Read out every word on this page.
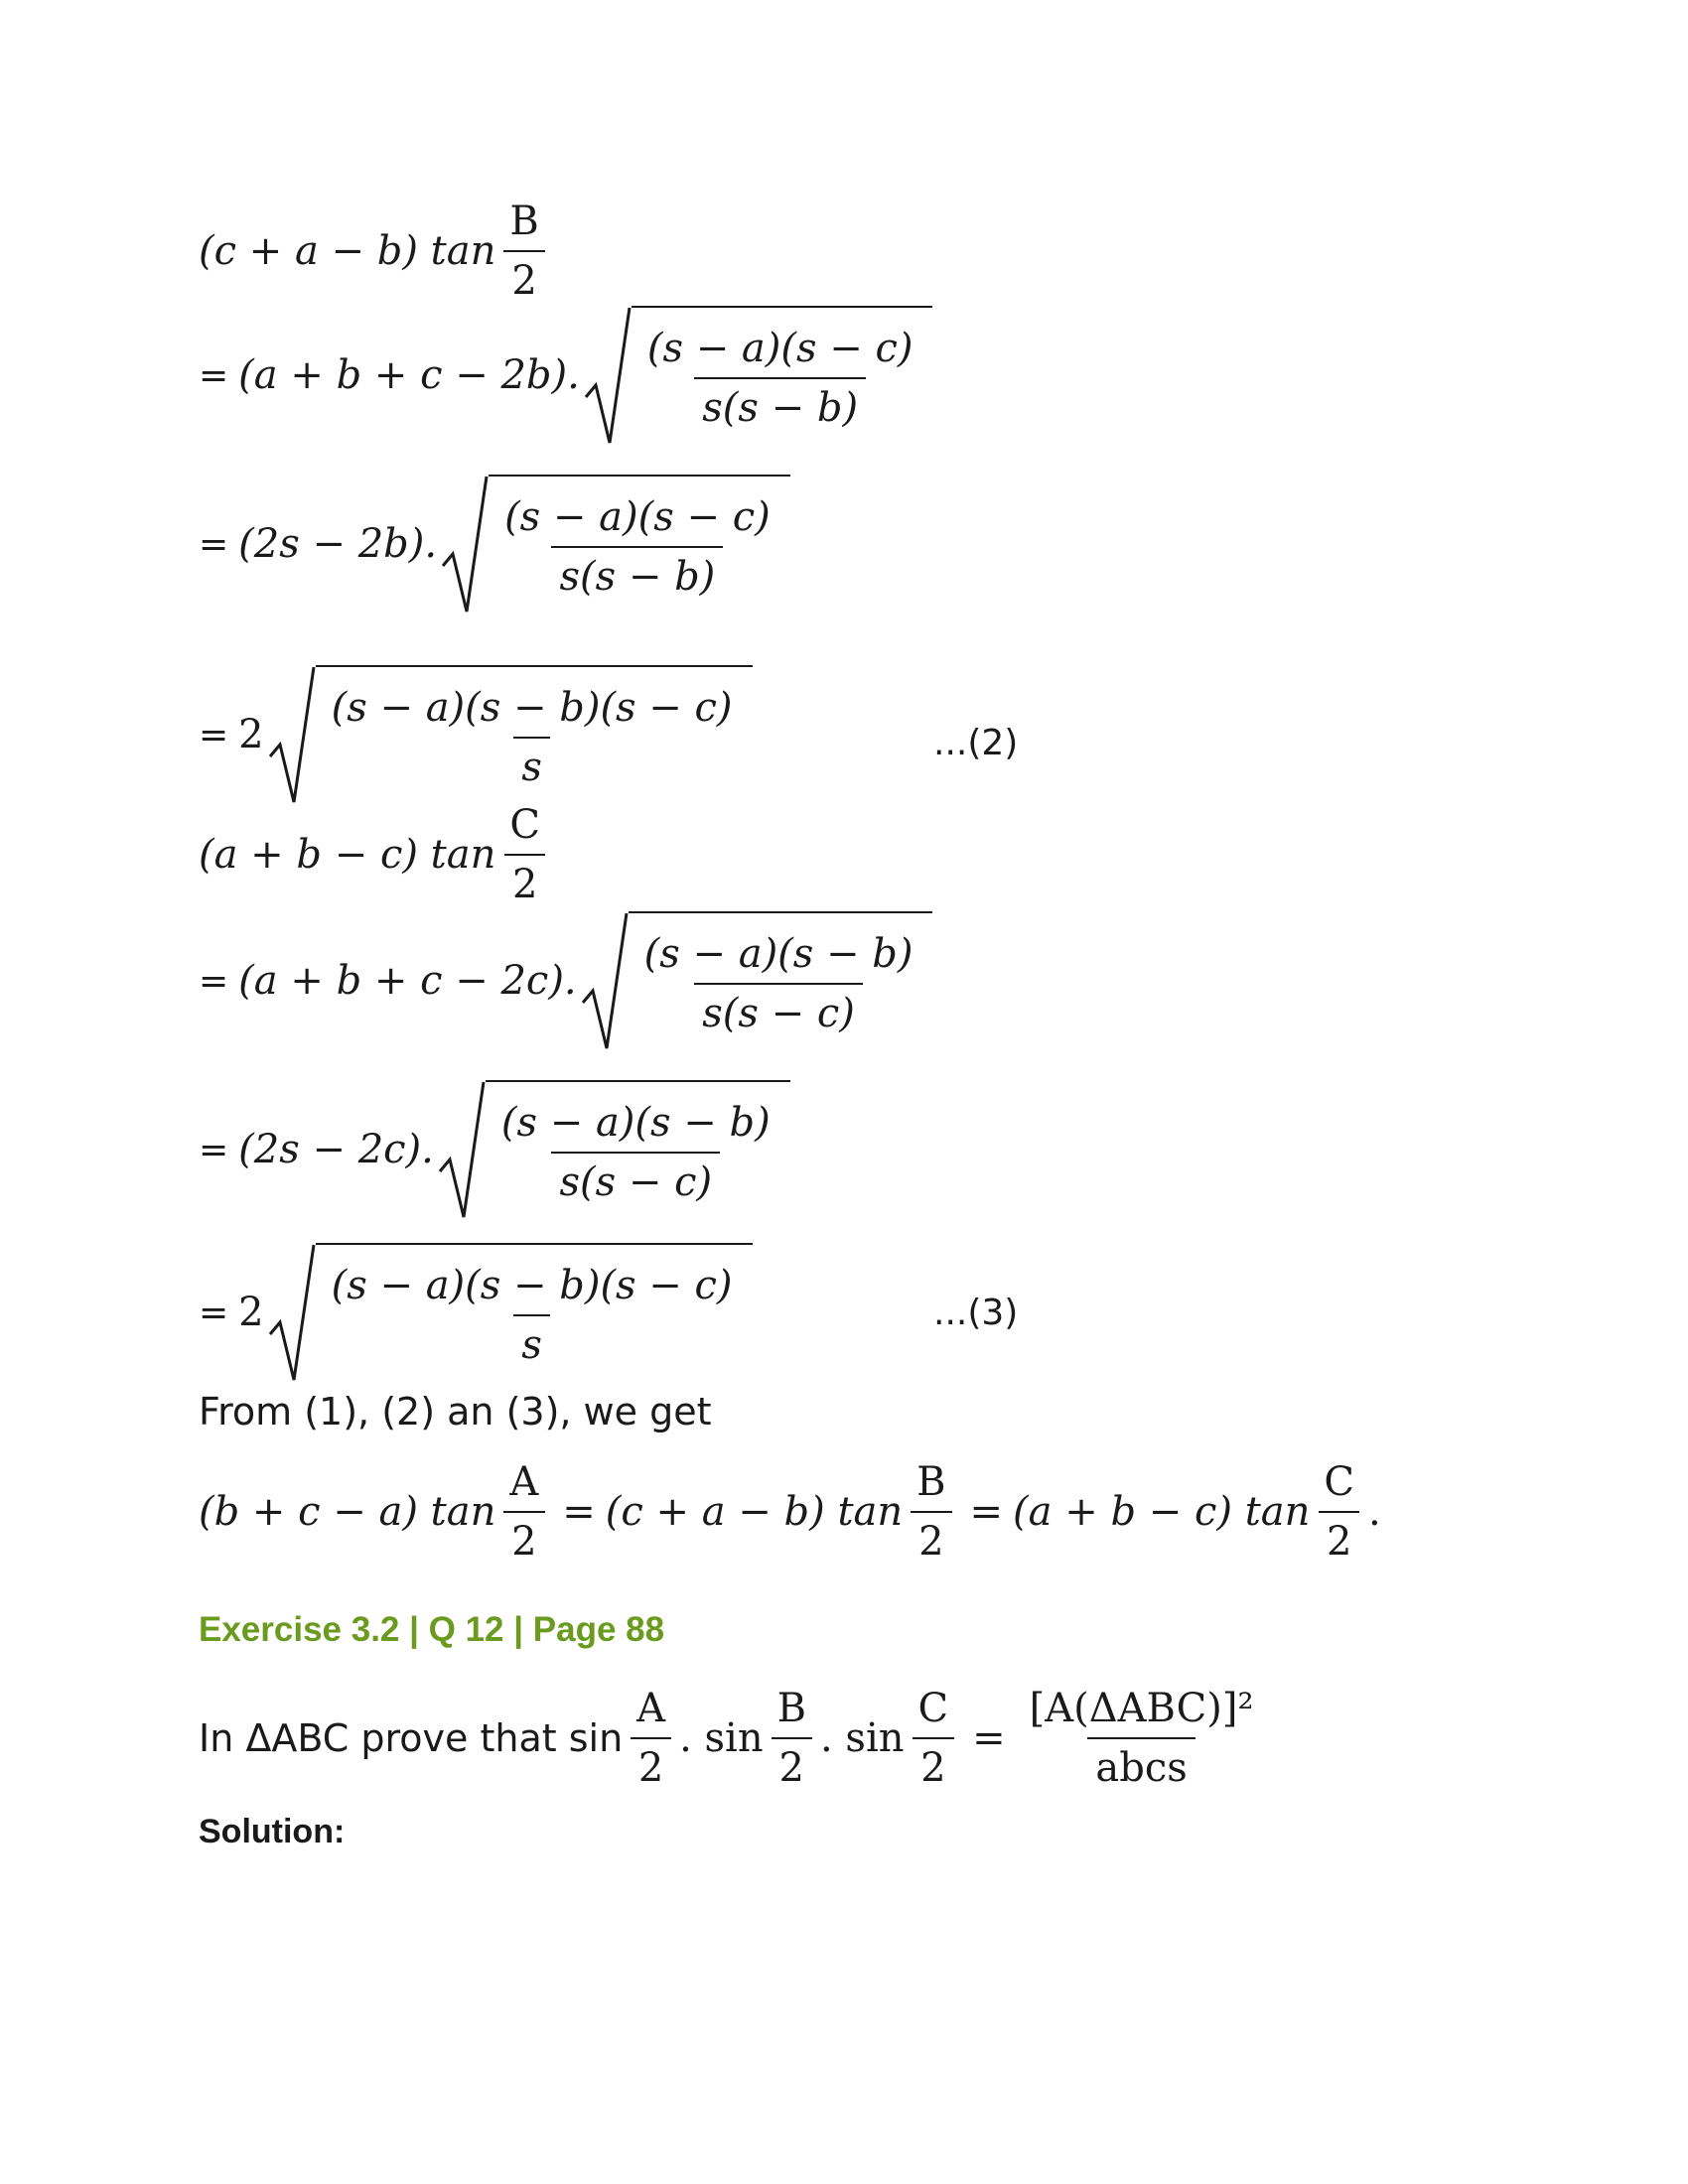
(c + a − b) $\tan \frac{B}{2}$
= (a + b + c − 2b). $\frac{(s - a)(s - c)}{s(s - b)}$
= (2s − 2b). $\frac{(s - a)(s - c)}{s(s - b)}$
= $2 \frac{(s - a)(s - b)(s - c)}{s}$	...(2)
(a + b − c) $\tan \frac{C}{2}$
= (a + b + c − 2c). $\frac{(s - a)(s - b)}{s(s - c)}$
= (2s − 2c). $\frac{(s - a)(s - b)}{s(s - c)}$
= $2 \frac{(s - a)(s - b)(s - c)}{s}$	...(3)
From (1), (2) an (3), we get
(b + c − a) $\tan \frac{A}{2} = (c + a - b)$ $\tan \frac{B}{2} = (a + b - c)$ $\tan \frac{C}{2}$ .
Exercise 3.2 | Q 12 | Page 88
In ΔABC prove that $\sin \frac{A}{2}$ . $\sin \frac{B}{2}$ . $\sin \frac{C}{2} = \frac{\text{[A(ΔABC)]²}}{\text{abcs}}$
Solution:
